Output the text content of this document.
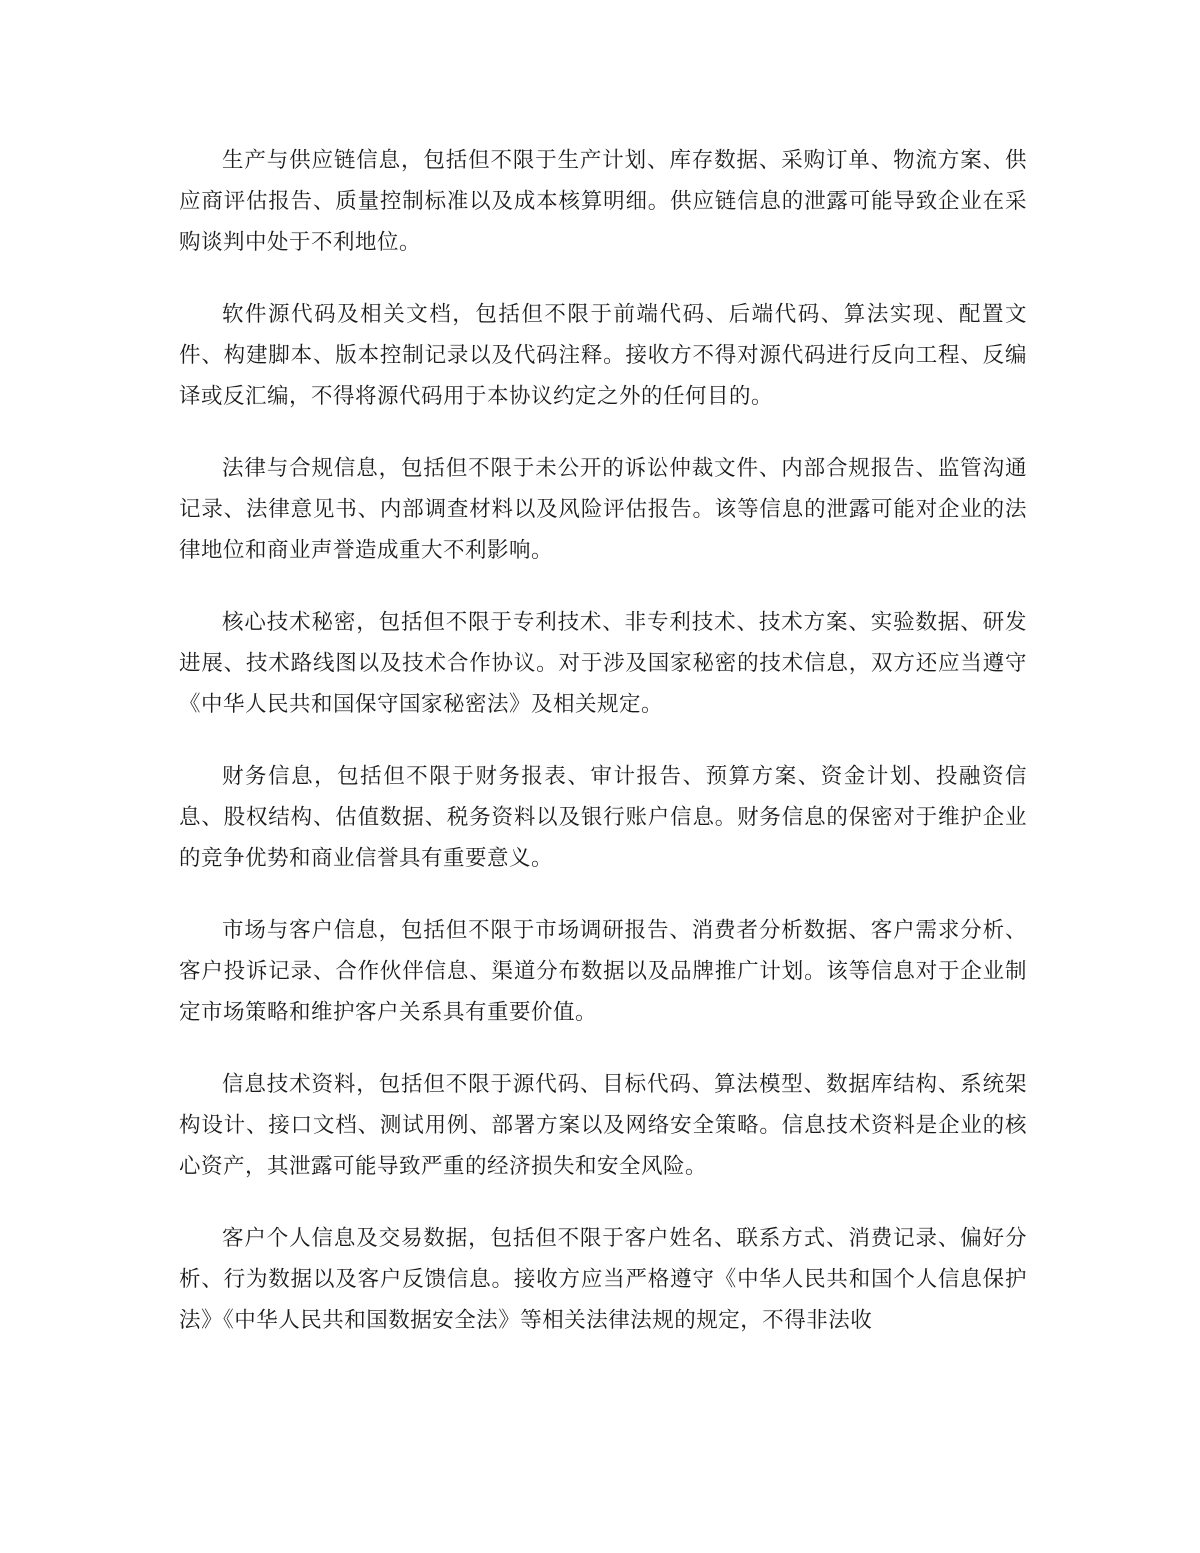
生产与供应链信息，包括但不限于生产计划、库存数据、采购订单、物流方案、供应商评估报告、质量控制标准以及成本核算明细。供应链信息的泄露可能导致企业在采购谈判中处于不利地位。

软件源代码及相关文档，包括但不限于前端代码、后端代码、算法实现、配置文件、构建脚本、版本控制记录以及代码注释。接收方不得对源代码进行反向工程、反编译或反汇编，不得将源代码用于本协议约定之外的任何目的。

法律与合规信息，包括但不限于未公开的诉讼仲裁文件、内部合规报告、监管沟通记录、法律意见书、内部调查材料以及风险评估报告。该等信息的泄露可能对企业的法律地位和商业声誉造成重大不利影响。

核心技术秘密，包括但不限于专利技术、非专利技术、技术方案、实验数据、研发进展、技术路线图以及技术合作协议。对于涉及国家秘密的技术信息，双方还应当遵守《中华人民共和国保守国家秘密法》及相关规定。

财务信息，包括但不限于财务报表、审计报告、预算方案、资金计划、投融资信息、股权结构、估值数据、税务资料以及银行账户信息。财务信息的保密对于维护企业的竞争优势和商业信誉具有重要意义。

市场与客户信息，包括但不限于市场调研报告、消费者分析数据、客户需求分析、客户投诉记录、合作伙伴信息、渠道分布数据以及品牌推广计划。该等信息对于企业制定市场策略和维护客户关系具有重要价值。

信息技术资料，包括但不限于源代码、目标代码、算法模型、数据库结构、系统架构设计、接口文档、测试用例、部署方案以及网络安全策略。信息技术资料是企业的核心资产，其泄露可能导致严重的经济损失和安全风险。

客户个人信息及交易数据，包括但不限于客户姓名、联系方式、消费记录、偏好分析、行为数据以及客户反馈信息。接收方应当严格遵守《中华人民共和国个人信息保护法》《中华人民共和国数据安全法》等相关法律法规的规定，不得非法收
